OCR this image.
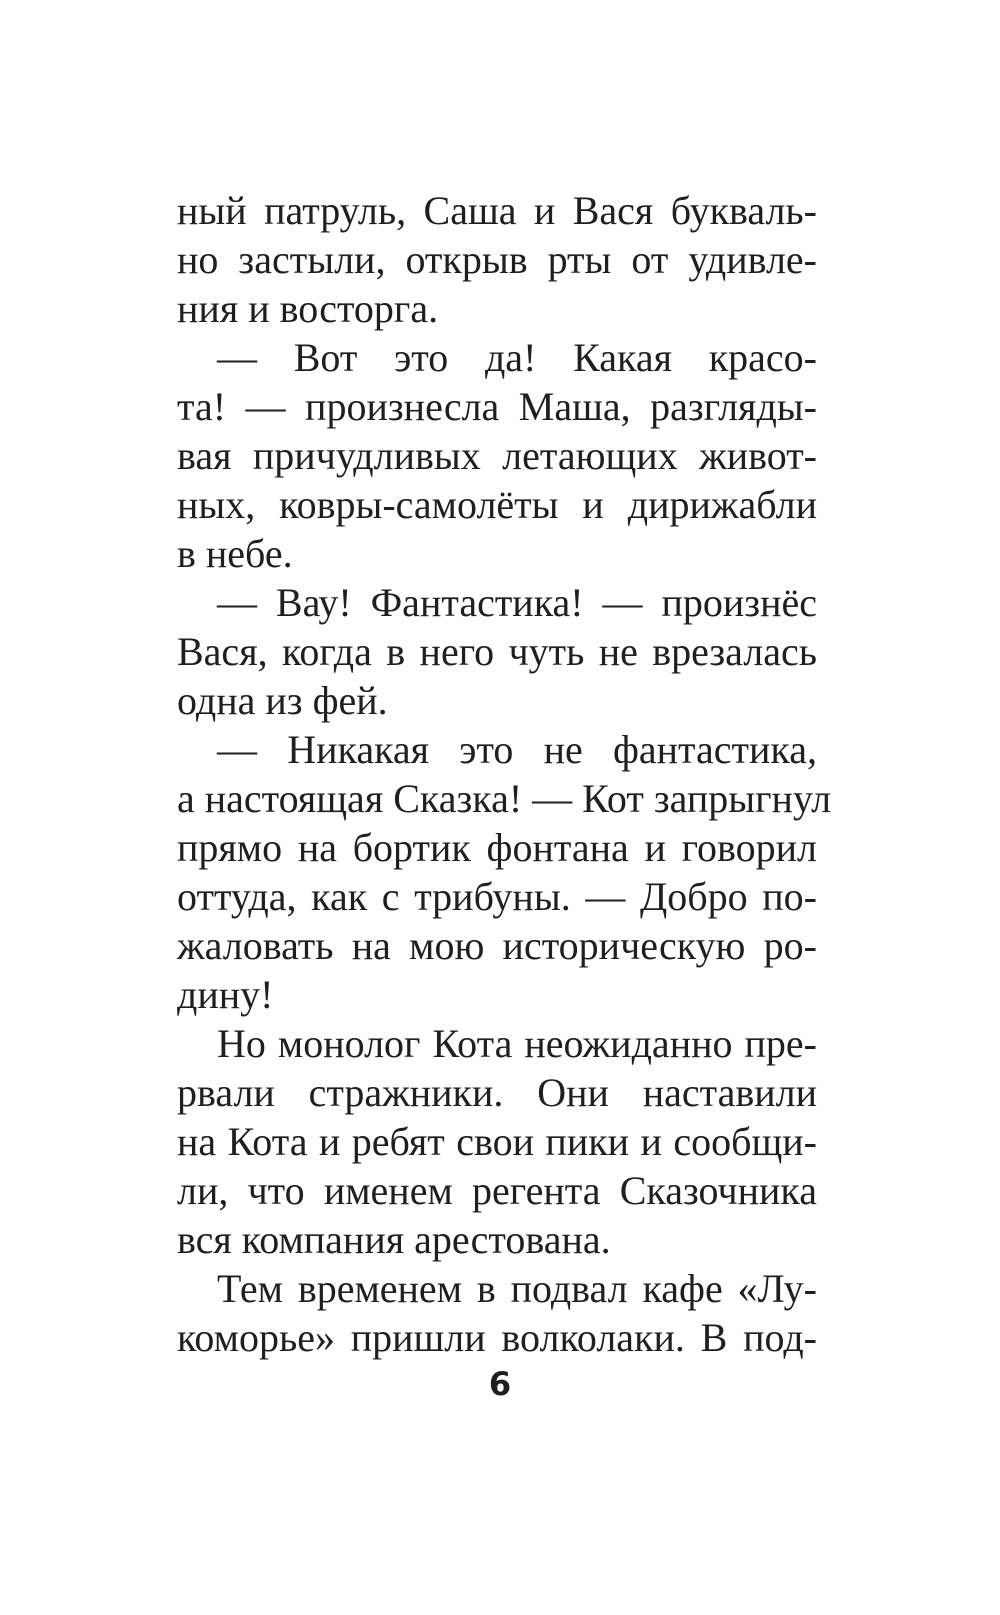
ный патруль, Саша и Вася букваль-
но застыли, открыв рты от удивле-
ния и восторга.
— Вот это да! Какая красо-
та! — произнесла Маша, разгляды-
вая причудливых летающих живот-
ных, ковры-самолёты и дирижабли
в небе.
— Вау! Фантастика! — произнёс
Вася, когда в него чуть не врезалась
одна из фей.
— Никакая это не фантастика,
а настоящая Сказка! — Кот запрыгнул
прямо на бортик фонтана и говорил
оттуда, как с трибуны. — Добро по-
жаловать на мою историческую ро-
дину!
Но монолог Кота неожиданно пре-
рвали стражники. Они наставили
на Кота и ребят свои пики и сообщи-
ли, что именем регента Сказочника
вся компания арестована.
Тем временем в подвал кафе «Лу-
коморье» пришли волколаки. В под-
6
